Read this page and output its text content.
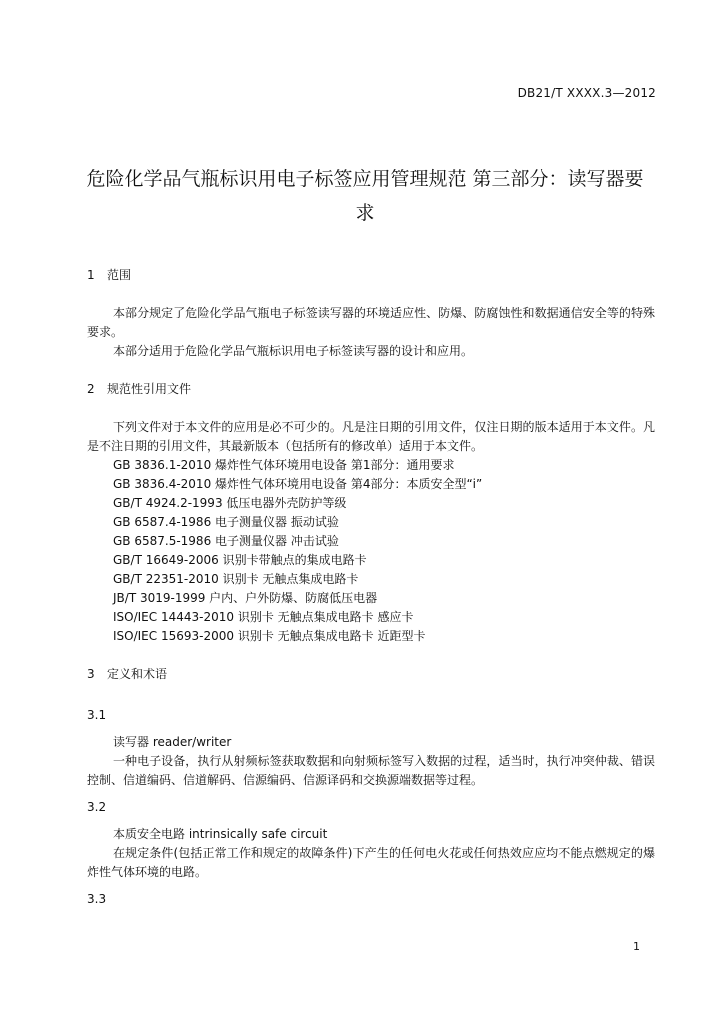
DB21/T XXXX.3—2012
危险化学品气瓶标识用电子标签应用管理规范 第三部分：读写器要求

1 范围

本部分规定了危险化学品气瓶电子标签读写器的环境适应性、防爆、防腐蚀性和数据通信安全等的特殊要求。

本部分适用于危险化学品气瓶标识用电子标签读写器的设计和应用。

2 规范性引用文件

下列文件对于本文件的应用是必不可少的。凡是注日期的引用文件，仅注日期的版本适用于本文件。凡是不注日期的引用文件，其最新版本（包括所有的修改单）适用于本文件。

GB 3836.1-2010 爆炸性气体环境用电设备 第1部分：通用要求

GB 3836.4-2010 爆炸性气体环境用电设备 第4部分：本质安全型“i”

GB/T 4924.2-1993 低压电器外壳防护等级

GB 6587.4-1986 电子测量仪器 振动试验

GB 6587.5-1986 电子测量仪器 冲击试验

GB/T 16649-2006 识别卡带触点的集成电路卡

GB/T 22351-2010 识别卡 无触点集成电路卡

JB/T 3019-1999 户内、户外防爆、防腐低压电器

ISO/IEC 14443-2010 识别卡 无触点集成电路卡 感应卡

ISO/IEC 15693-2000 识别卡 无触点集成电路卡 近距型卡

3 定义和术语

3.1

读写器 reader/writer

一种电子设备，执行从射频标签获取数据和向射频标签写入数据的过程，适当时，执行冲突仲裁、错误控制、信道编码、信道解码、信源编码、信源译码和交换源端数据等过程。

3.2

本质安全电路 intrinsically safe circuit

在规定条件(包括正常工作和规定的故障条件)下产生的任何电火花或任何热效应应均不能点燃规定的爆炸性气体环境的电路。

3.3

1
